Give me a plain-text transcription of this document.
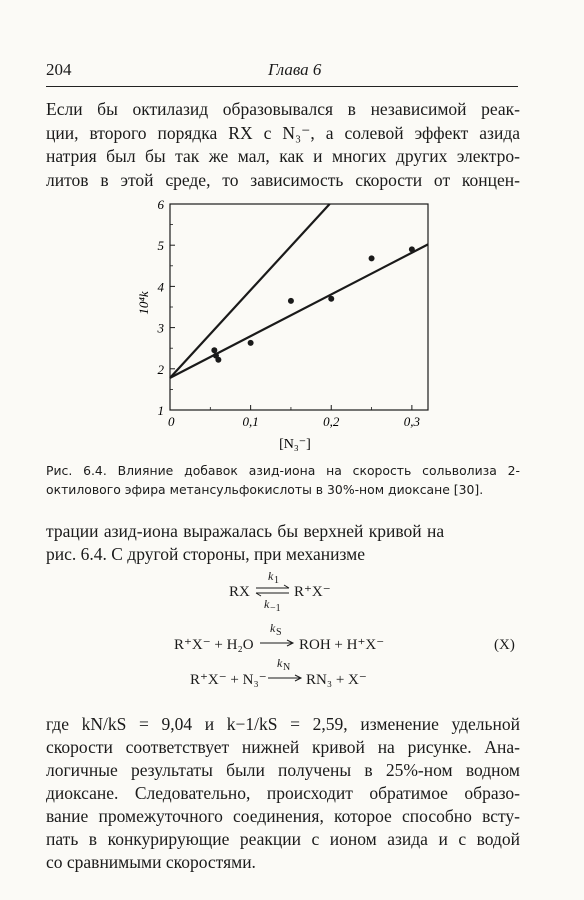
204	Глава 6

Если бы октилазид образовывался в независимой реак-
ции, второго порядка RX с N₃⁻, а солевой эффект азида
натрия был бы так же мал, как и многих других электро-
литов в этой среде, то зависимость скорости от концен-

1
2
3
4
5
6
0	0,1	0,2	0,3
10⁴k
[N₃⁻]

Рис. 6.4. Влияние добавок азид-иона на скорость сольволиза 2-октилового эфира метансульфокислоты в 30%-ном диоксане [30].

трации азид-иона выражалась бы верхней кривой на
рис. 6.4. С другой стороны, при механизме

RX
k 1
k −1
R⁺X⁻
R⁺X⁻ + H₂O
k S
ROH + H⁺X⁻	(X)
R⁺X⁻ + N₃⁻
k N
RN₃ + X⁻

где kN/kS = 9,04 и k−1/kS = 2,59, изменение удельной
скорости соответствует нижней кривой на рисунке. Ана-
логичные результаты были получены в 25%-ном водном
диоксане. Следовательно, происходит обратимое образо-
вание промежуточного соединения, которое способно всту-
пать в конкурирующие реакции с ионом азида и с водой
со сравнимыми скоростями.
